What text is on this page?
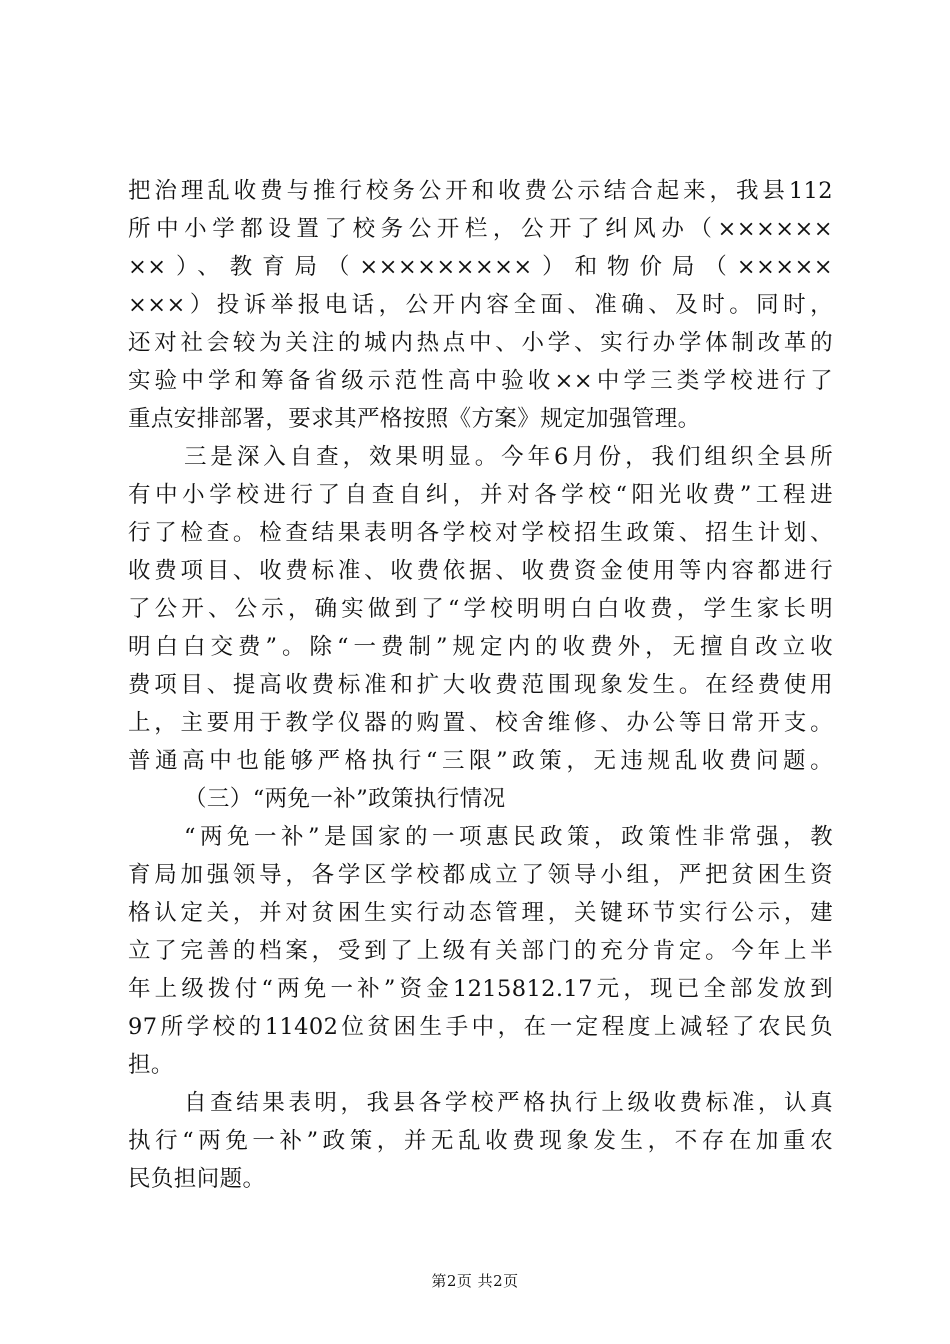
把治理乱收费与推行校务公开和收费公示结合起来，我县112
所中小学都设置了校务公开栏，公开了纠风办（××××××
××）、教育局（×××××××××）和物价局（×××××
×××）投诉举报电话，公开内容全面、准确、及时。同时，
还对社会较为关注的城内热点中、小学、实行办学体制改革的
实验中学和筹备省级示范性高中验收××中学三类学校进行了
重点安排部署，要求其严格按照《方案》规定加强管理。
三是深入自查，效果明显。今年6月份，我们组织全县所
有中小学校进行了自查自纠，并对各学校“阳光收费”工程进
行了检查。检查结果表明各学校对学校招生政策、招生计划、
收费项目、收费标准、收费依据、收费资金使用等内容都进行
了公开、公示，确实做到了“学校明明白白收费，学生家长明
明白白交费”。除“一费制”规定内的收费外，无擅自改立收
费项目、提高收费标准和扩大收费范围现象发生。在经费使用
上，主要用于教学仪器的购置、校舍维修、办公等日常开支。
普通高中也能够严格执行“三限”政策，无违规乱收费问题。
（三）“两免一补”政策执行情况
“两免一补”是国家的一项惠民政策，政策性非常强，教
育局加强领导，各学区学校都成立了领导小组，严把贫困生资
格认定关，并对贫困生实行动态管理，关键环节实行公示，建
立了完善的档案，受到了上级有关部门的充分肯定。今年上半
年上级拨付“两免一补”资金1215812.17元，现已全部发放到
97所学校的11402位贫困生手中，在一定程度上减轻了农民负
担。
自查结果表明，我县各学校严格执行上级收费标准，认真
执行“两免一补”政策，并无乱收费现象发生，不存在加重农
民负担问题。
第2页 共2页
